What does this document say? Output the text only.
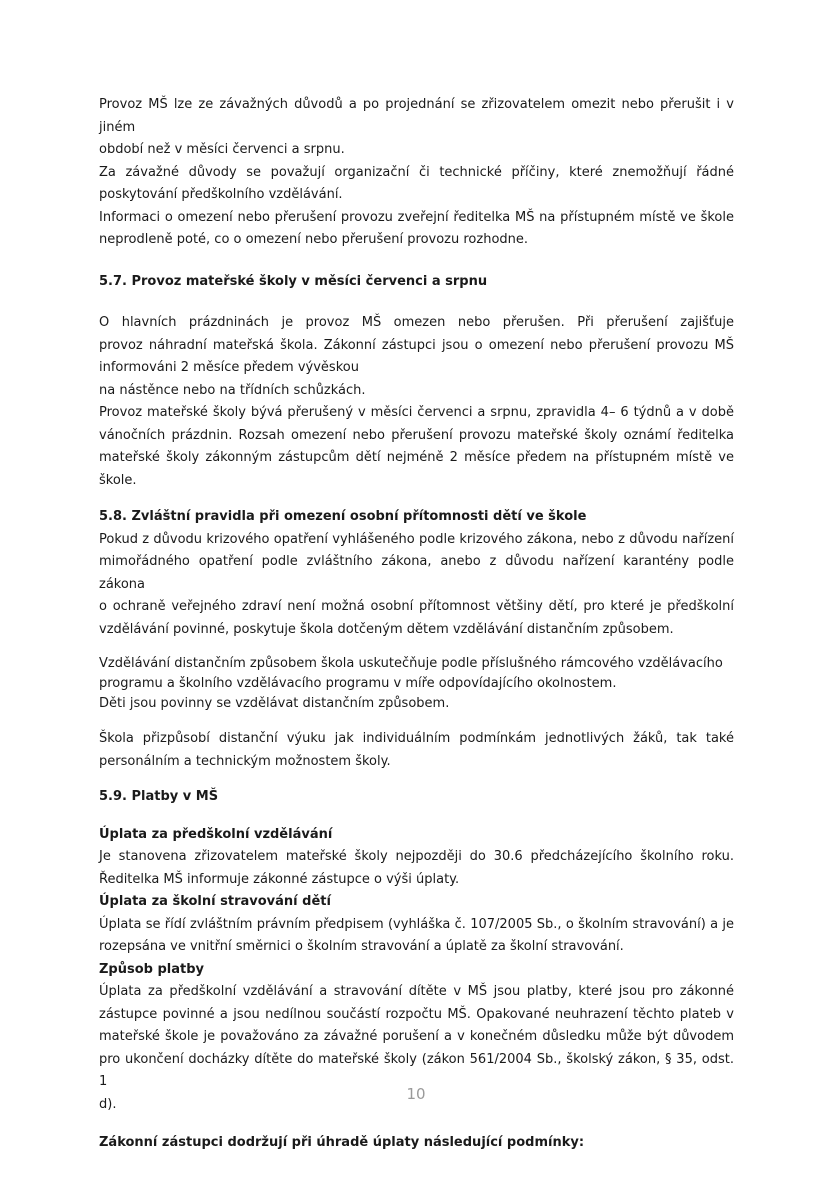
Provoz MŠ lze ze závažných důvodů a po projednání se zřizovatelem omezit nebo přerušit i v jiném

období než v měsíci červenci a srpnu.

Za závažné důvody se považují organizační či technické příčiny, které znemožňují řádné

poskytování předškolního vzdělávání.

Informaci o omezení nebo přerušení provozu zveřejní ředitelka MŠ na přístupném místě ve škole

neprodleně poté, co o omezení nebo přerušení provozu rozhodne.

5.7. Provoz mateřské školy v měsíci červenci a srpnu

O hlavních prázdninách je provoz MŠ omezen nebo přerušen. Při přerušení zajišťuje

provoz náhradní mateřská škola. Zákonní zástupci jsou o omezení nebo přerušení provozu MŠ

informováni 2 měsíce předem vývěskou

na nástěnce nebo na třídních schůzkách.

Provoz mateřské školy bývá přerušený v měsíci červenci a srpnu, zpravidla 4– 6 týdnů a v době

vánočních prázdnin. Rozsah omezení nebo přerušení provozu mateřské školy oznámí ředitelka

mateřské školy zákonným zástupcům dětí nejméně 2 měsíce předem na přístupném místě ve

škole.

5.8. Zvláštní pravidla při omezení osobní přítomnosti dětí ve škole

Pokud z důvodu krizového opatření vyhlášeného podle krizového zákona, nebo z důvodu nařízení

mimořádného opatření podle zvláštního zákona, anebo z důvodu nařízení karantény podle zákona

o ochraně veřejného zdraví není možná osobní přítomnost většiny dětí, pro které je předškolní

vzdělávání povinné, poskytuje škola dotčeným dětem vzdělávání distančním způsobem.

Vzdělávání distančním způsobem škola uskutečňuje podle příslušného rámcového vzdělávacího

programu a školního vzdělávacího programu v míře odpovídajícího okolnostem.

Děti jsou povinny se vzdělávat distančním způsobem.

Škola přizpůsobí distanční výuku jak individuálním podmínkám jednotlivých žáků, tak také

personálním a technickým možnostem školy.

5.9. Platby v MŠ

Úplata za předškolní vzdělávání

Je stanovena zřizovatelem mateřské školy nejpozději do 30.6 předcházejícího školního roku.

Ředitelka MŠ informuje zákonné zástupce o výši úplaty.

Úplata za školní stravování dětí

Úplata se řídí zvláštním právním předpisem (vyhláška č. 107/2005 Sb., o školním stravování) a je

rozepsána ve vnitřní směrnici o školním stravování a úplatě za školní stravování.

Způsob platby

Úplata za předškolní vzdělávání a stravování dítěte v MŠ jsou platby, které jsou pro zákonné

zástupce povinné a jsou nedílnou součástí rozpočtu MŠ. Opakované neuhrazení těchto plateb v

mateřské škole je považováno za závažné porušení a v konečném důsledku může být důvodem

pro ukončení docházky dítěte do mateřské školy (zákon 561/2004 Sb., školský zákon, § 35, odst. 1

d).

Zákonní zástupci dodržují při úhradě úplaty následující podmínky:

10
